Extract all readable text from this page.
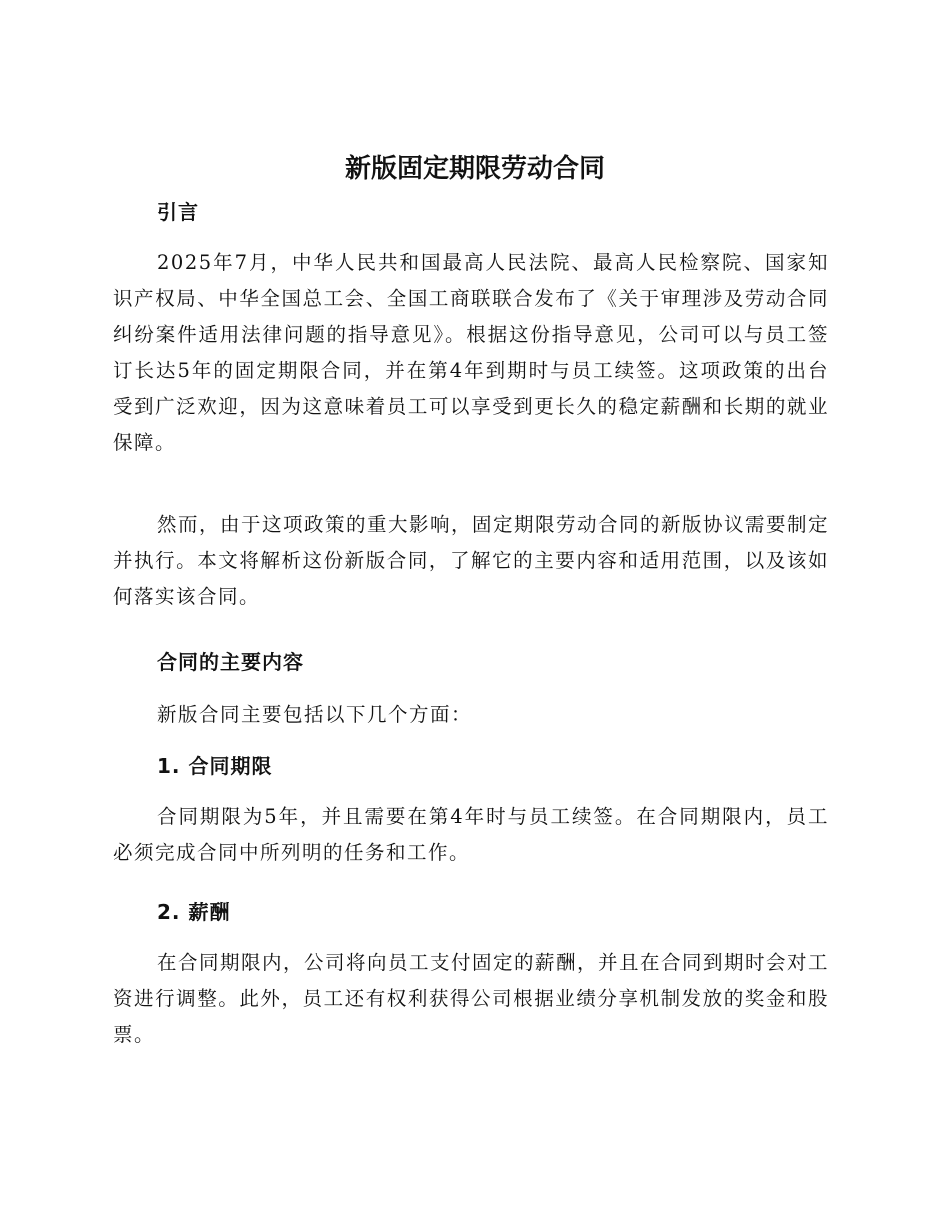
新版固定期限劳动合同
引言

2025年7月，中华人民共和国最高人民法院、最高人民检察院、国家知识产权局、中华全国总工会、全国工商联联合发布了《关于审理涉及劳动合同纠纷案件适用法律问题的指导意见》。根据这份指导意见，公司可以与员工签订长达5年的固定期限合同，并在第4年到期时与员工续签。这项政策的出台受到广泛欢迎，因为这意味着员工可以享受到更长久的稳定薪酬和长期的就业保障。

然而，由于这项政策的重大影响，固定期限劳动合同的新版协议需要制定并执行。本文将解析这份新版合同，了解它的主要内容和适用范围，以及该如何落实该合同。

合同的主要内容

新版合同主要包括以下几个方面：

1. 合同期限

合同期限为5年，并且需要在第4年时与员工续签。在合同期限内，员工必须完成合同中所列明的任务和工作。

2. 薪酬

在合同期限内，公司将向员工支付固定的薪酬，并且在合同到期时会对工资进行调整。此外，员工还有权利获得公司根据业绩分享机制发放的奖金和股票。
